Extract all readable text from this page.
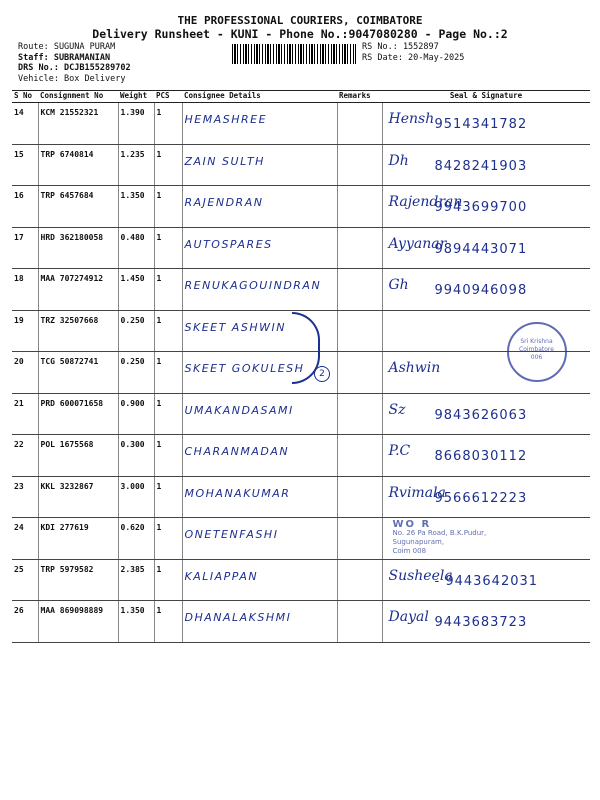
THE PROFESSIONAL COURIERS, COIMBATORE
Delivery Runsheet - KUNI - Phone No.:9047080280 - Page No.:2
Route: SUGUNA PURAM
Staff: SUBRAMANIAN
DRS No.: DCJB155289702
Vehicle: Box Delivery
RS No.: 1552897
RS Date: 20-May-2025
S No	Consignment No	Weight	PCS	Consignee Details	Remarks	Seal & Signature
14	KCM 21552321	1.390	1	HEMASHREE		Hensh 9514341782

15	TRP 6740814	1.235	1	ZAIN SULTH		Dh 8428241903

16	TRP 6457684	1.350	1	RAJENDRAN		Rajendran
9943699700

17	HRD 362180058	0.480	1	AUTOSPARES		Ayyanar
9894443071

18	MAA 707274912	1.450	1	RENUKAGOUINDRAN		Gh 9940946098

19	TRZ 32507668	0.250	1	SKEET ASHWIN		

20	TCG 50872741	0.250	1	SKEET GOKULESH		Ashwin
Sri Krishna
Coimbatore
006

21	PRD 600071658	0.900	1	UMAKANDASAMI		Sz 9843626063

22	POL 1675568	0.300	1	CHARANMADAN		P.C 8668030112

23	KKL 3232867	3.000	1	MOHANAKUMAR		Rvimala
9566612223

24	KDI 277619	0.620	1	ONETENFASHI		WO R
No. 26 Pa Road, B.K.Pudur,
Sugunapuram,
Coim 008

25	TRP 5979582	2.385	1	KALIAPPAN		Susheela
- 9443642031

26	MAA 869098889	1.350	1	DHANALAKSHMI		Dayal 9443683723
2
